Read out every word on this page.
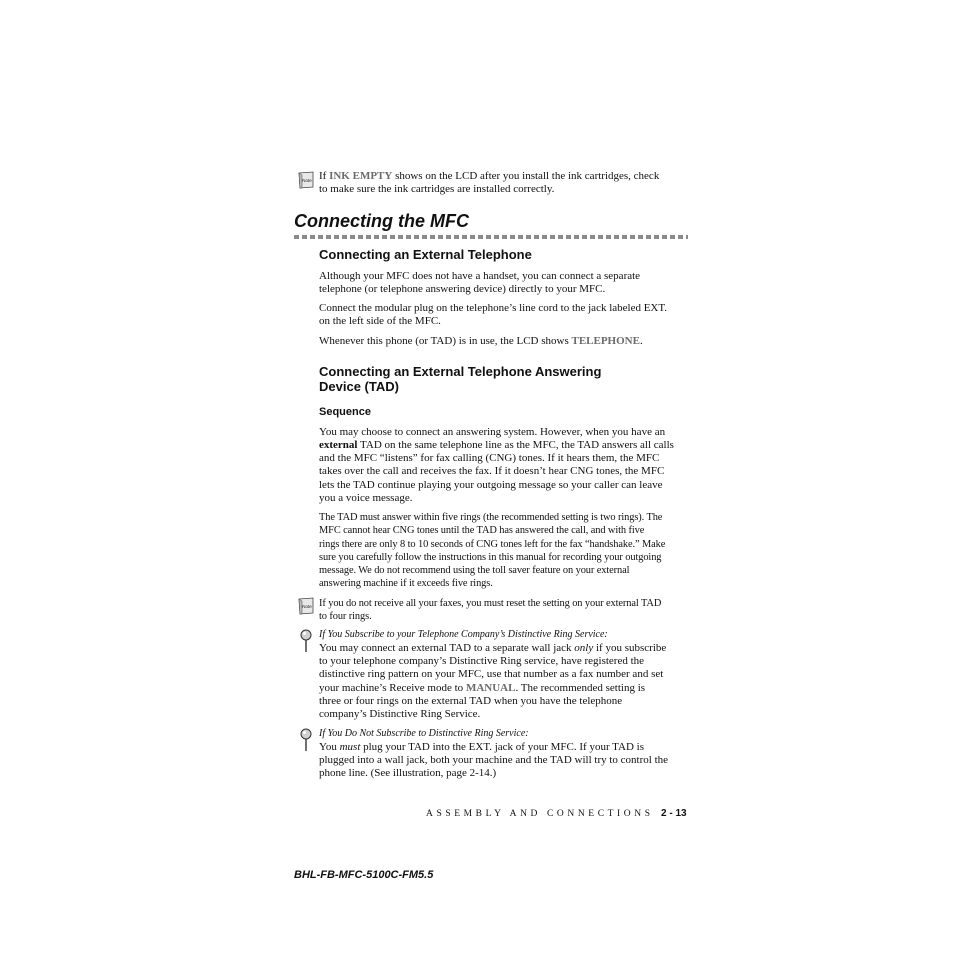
Note If INK EMPTY shows on the LCD after you install the ink cartridges, check

to make sure the ink cartridges are installed correctly.

Connecting the MFC
Connecting an External Telephone

Although your MFC does not have a handset, you can connect a separate

telephone (or telephone answering device) directly to your MFC.

Connect the modular plug on the telephone’s line cord to the jack labeled EXT.

on the left side of the MFC.

Whenever this phone (or TAD) is in use, the LCD shows TELEPHONE.

Connecting an External Telephone Answering
Device (TAD)
Sequence

You may choose to connect an answering system. However, when you have an

external TAD on the same telephone line as the MFC, the TAD answers all calls

and the MFC “listens” for fax calling (CNG) tones. If it hears them, the MFC

takes over the call and receives the fax. If it doesn’t hear CNG tones, the MFC

lets the TAD continue playing your outgoing message so your caller can leave

you a voice message.

The TAD must answer within five rings (the recommended setting is two rings). The

MFC cannot hear CNG tones until the TAD has answered the call, and with five

rings there are only 8 to 10 seconds of CNG tones left for the fax “handshake.” Make

sure you carefully follow the instructions in this manual for recording your outgoing

message. We do not recommend using the toll saver feature on your external

answering machine if it exceeds five rings.

Note If you do not receive all your faxes, you must reset the setting on your external TAD

to four rings.

If You Subscribe to your Telephone Company’s Distinctive Ring Service:

You may connect an external TAD to a separate wall jack only if you subscribe

to your telephone company’s Distinctive Ring service, have registered the

distinctive ring pattern on your MFC, use that number as a fax number and set

your machine’s Receive mode to MANUAL. The recommended setting is

three or four rings on the external TAD when you have the telephone

company’s Distinctive Ring Service.

If You Do Not Subscribe to Distinctive Ring Service:

You must plug your TAD into the EXT. jack of your MFC. If your TAD is

plugged into a wall jack, both your machine and the TAD will try to control the

phone line. (See illustration, page 2-14.)

ASSEMBLY AND CONNECTIONS 2 - 13
BHL-FB-MFC-5100C-FM5.5
